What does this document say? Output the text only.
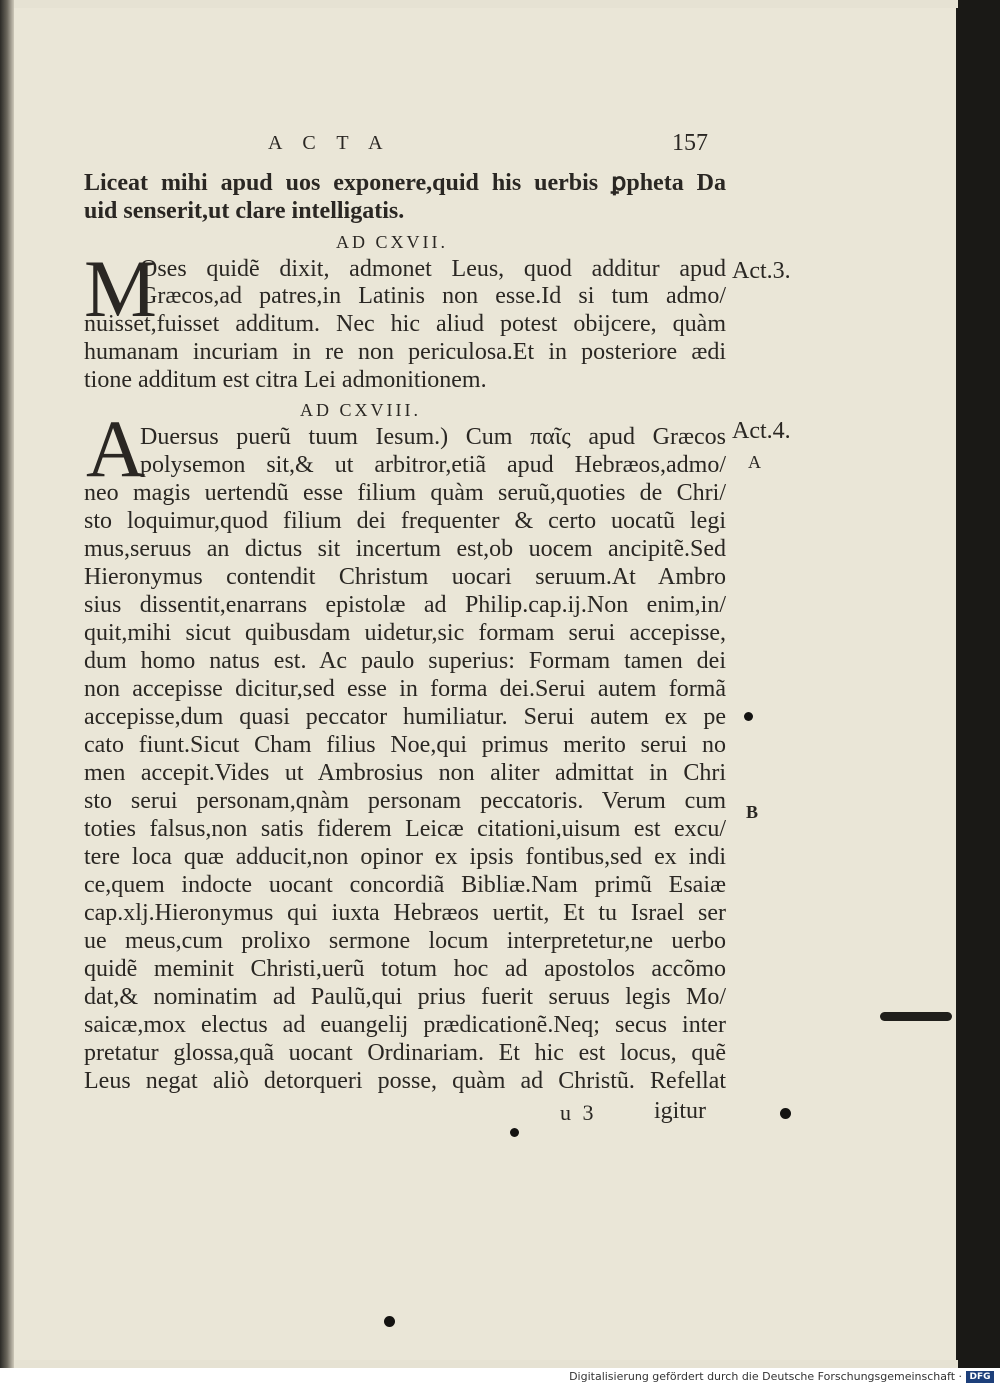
A C T A	157
Liceat mihi apud uos exponere,quid his uerbis ꝑpheta Da
uid senserit,ut clare intelligatis.
AD CXVII.
M	Act.3.
Oses quidẽ dixit, admonet Leus, quod additur apud
Græcos,ad patres,in Latinis non esse.Id si tum admo/
nuisset,fuisset additum. Nec hic aliud potest obijcere, quàm
humanam incuriam in re non periculosa.Et in posteriore ædi
tione additum est citra Lei admonitionem.
AD CXVIII.
A	Act.4.
A
B
Duersus puerũ tuum Iesum.) Cum παῖς apud Græcos
polysemon sit,& ut arbitror,etiã apud Hebræos,admo/
neo magis uertendũ esse filium quàm seruũ,quoties de Chri/
sto loquimur,quod filium dei frequenter & certo uocatũ legi
mus,seruus an dictus sit incertum est,ob uocem ancipitẽ.Sed
Hieronymus contendit Christum uocari seruum.At Ambro
sius dissentit,enarrans epistolæ ad Philip.cap.ij.Non enim,in/
quit,mihi sicut quibusdam uidetur,sic formam serui accepisse,
dum homo natus est. Ac paulo superius: Formam tamen dei
non accepisse dicitur,sed esse in forma dei.Serui autem formã
accepisse,dum quasi peccator humiliatur. Serui autem ex pe
cato fiunt.Sicut Cham filius Noe,qui primus merito serui no
men accepit.Vides ut Ambrosius non aliter admittat in Chri
sto serui personam,qnàm personam peccatoris. Verum cum
toties falsus,non satis fiderem Leicæ citationi,uisum est excu/
tere loca quæ adducit,non opinor ex ipsis fontibus,sed ex indi
ce,quem indocte uocant concordiã Bibliæ.Nam primũ Esaiæ
cap.xlj.Hieronymus qui iuxta Hebræos uertit, Et tu Israel ser
ue meus,cum prolixo sermone locum interpretetur,ne uerbo
quidẽ meminit Christi,uerũ totum hoc ad apostolos accõmo
dat,& nominatim ad Paulũ,qui prius fuerit seruus legis Mo/
saicæ,mox electus ad euangelij prædicationẽ.Neq; secus inter
pretatur glossa,quã uocant Ordinariam. Et hic est locus, quẽ
Leus negat aliò detorqueri posse, quàm ad Christũ. Refellat
u 3	igitur
Digitalisierung gefördert durch die Deutsche Forschungsgemeinschaft · DFG
